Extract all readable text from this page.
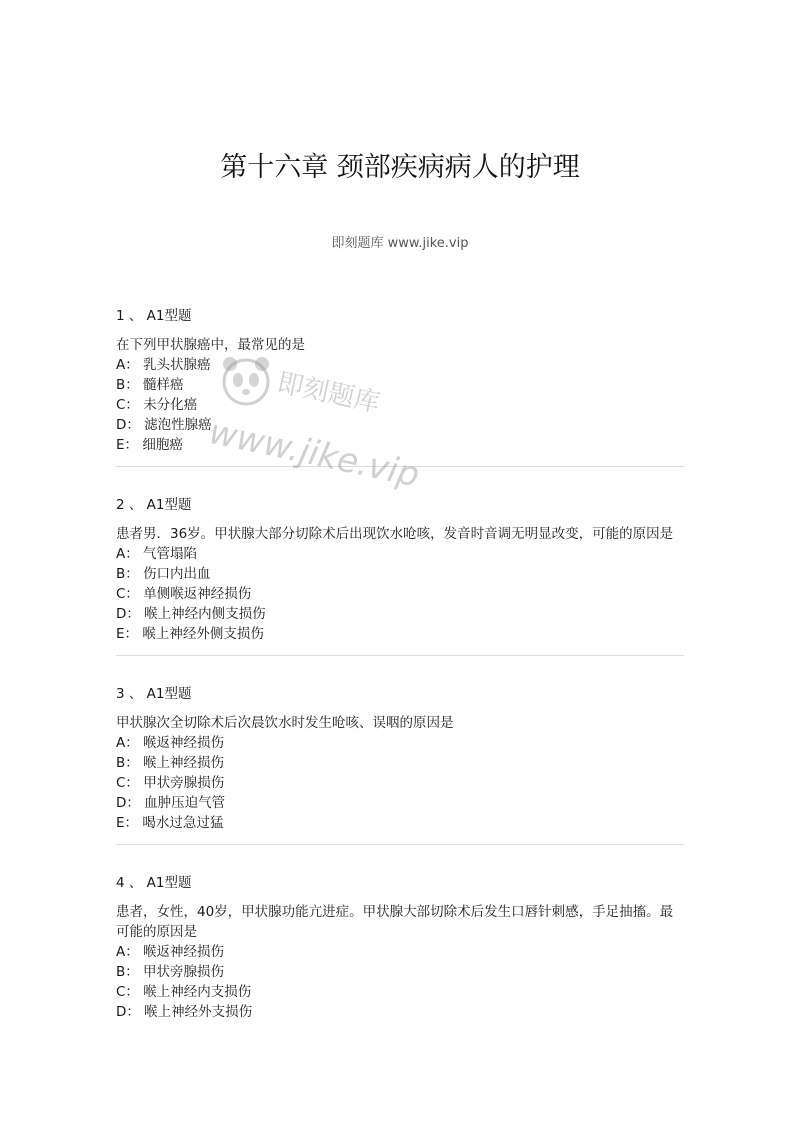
第十六章 颈部疾病病人的护理
即刻题库 www.jike.vip
1 、 A1型题
在下列甲状腺癌中，最常见的是
A： 乳头状腺癌
B： 髓样癌
C： 未分化癌
D： 滤泡性腺癌
E： 细胞癌
2 、 A1型题
患者男．36岁。甲状腺大部分切除术后出现饮水呛咳，发音时音调无明显改变，可能的原因是
A： 气管塌陷
B： 伤口内出血
C： 单侧喉返神经损伤
D： 喉上神经内侧支损伤
E： 喉上神经外侧支损伤
3 、 A1型题
甲状腺次全切除术后次晨饮水时发生呛咳、误咽的原因是
A： 喉返神经损伤
B： 喉上神经损伤
C： 甲状旁腺损伤
D： 血肿压迫气管
E： 喝水过急过猛
4 、 A1型题
患者，女性，40岁，甲状腺功能亢进症。甲状腺大部切除术后发生口唇针刺感，手足抽搐。最可能的原因是
A： 喉返神经损伤
B： 甲状旁腺损伤
C： 喉上神经内支损伤
D： 喉上神经外支损伤
即刻题库
www.jike.vip
